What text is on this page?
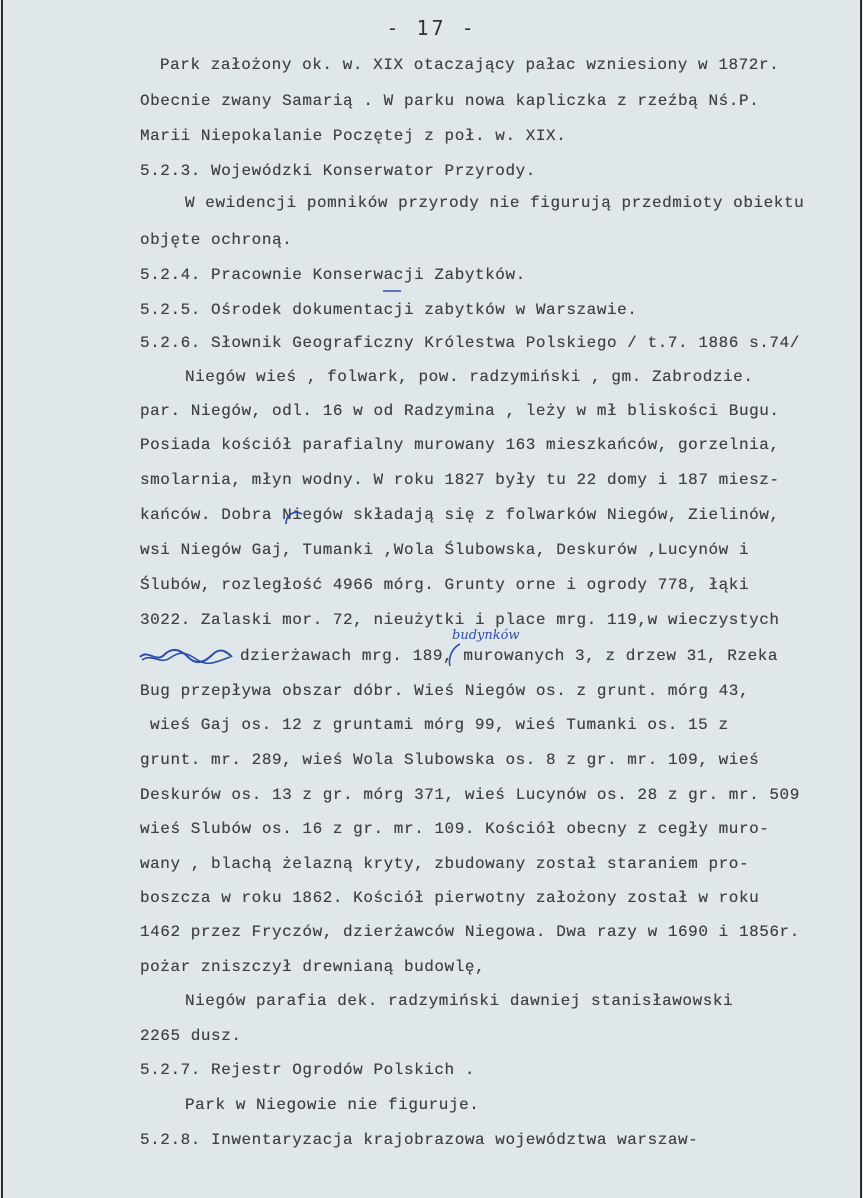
- 17 -
Park założony ok. w. XIX otaczający pałac wzniesiony w 1872r.
Obecnie zwany Samarią . W parku nowa kapliczka z rzeźbą Nś.P.
Marii Niepokalanie Poczętej z poł. w. XIX.
5.2.3. Wojewódzki Konserwator Przyrody.
W ewidencji pomników przyrody nie figurują przedmioty obiektu
objęte ochroną.
5.2.4. Pracownie Konserwacji Zabytków.
5.2.5. Ośrodek dokumentacji zabytków w Warszawie.
5.2.6. Słownik Geograficzny Królestwa Polskiego / t.7. 1886 s.74/
Niegów wieś , folwark, pow. radzymiński , gm. Zabrodzie.
par. Niegów, odl. 16 w od Radzymina , leży w mł bliskości Bugu.
Posiada kościół parafialny murowany 163 mieszkańców, gorzelnia,
smolarnia, młyn wodny. W roku 1827 były tu 22 domy i 187 miesz-
kańców. Dobra Niegów składają się z folwarków Niegów, Zielinów,
wsi Niegów Gaj, Tumanki ,Wola Ślubowska, Deskurów ,Lucynów i
Ślubów, rozległość 4966 mórg. Grunty orne i ogrody 778, łąki
3022. Zalaski mor. 72, nieużytki i place mrg. 119,w wieczystych
dzierżawach mrg. 189, murowanych 3, z drzew 31, Rzeka
Bug przepływa obszar dóbr. Wieś Niegów os. z grunt. mórg 43,
wieś Gaj os. 12 z gruntami mórg 99, wieś Tumanki os. 15 z
grunt. mr. 289, wieś Wola Slubowska os. 8 z gr. mr. 109, wieś
Deskurów os. 13 z gr. mórg 371, wieś Lucynów os. 28 z gr. mr. 509
wieś Slubów os. 16 z gr. mr. 109. Kościół obecny z cegły muro-
wany , blachą żelazną kryty, zbudowany został staraniem pro-
boszcza w roku 1862. Kościół pierwotny założony został w roku
1462 przez Fryczów, dzierżawców Niegowa. Dwa razy w 1690 i 1856r.
pożar zniszczył drewnianą budowlę,
Niegów parafia dek. radzymiński dawniej stanisławowski
2265 dusz.
5.2.7. Rejestr Ogrodów Polskich .
Park w Niegowie nie figuruje.
5.2.8. Inwentaryzacja krajobrazowa województwa warszaw-
budynków
